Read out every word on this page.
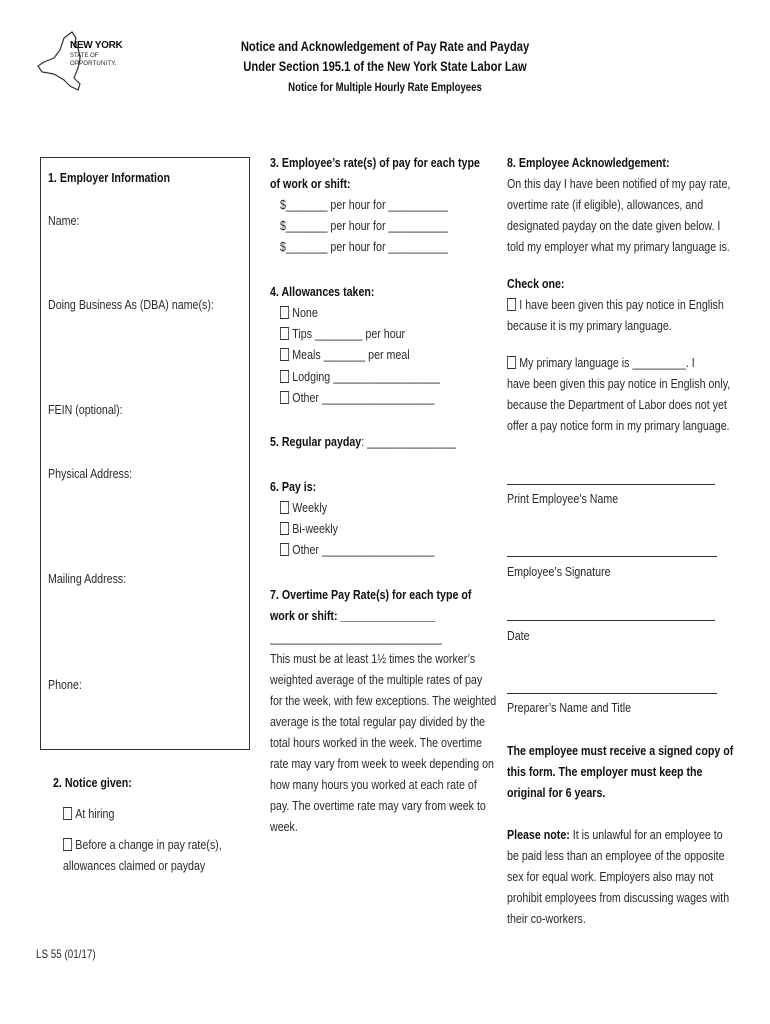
NEW YORK
STATE OF
OPPORTUNITY.
Notice and Acknowledgement of Pay Rate and Payday
Under Section 195.1 of the New York State Labor Law
Notice for Multiple Hourly Rate Employees
1. Employer Information
Name:
Doing Business As (DBA) name(s):
FEIN (optional):
Physical Address:
Mailing Address:
Phone:
2. Notice given:
At hiring
Before a change in pay rate(s),
allowances claimed or payday
3. Employee’s rate(s) of pay for each type
of work or shift:
$_______ per hour for __________
$_______ per hour for __________
$_______ per hour for __________
4. Allowances taken:
None
Tips ________ per hour
Meals _______ per meal
Lodging __________________
Other ___________________
5. Regular payday: _______________
6. Pay is:
Weekly
Bi-weekly
Other ___________________
7. Overtime Pay Rate(s) for each type of
work or shift: ________________
_____________________________
This must be at least 1½ times the worker’s
weighted average of the multiple rates of pay
for the week, with few exceptions. The weighted
average is the total regular pay divided by the
total hours worked in the week. The overtime
rate may vary from week to week depending on
how many hours you worked at each rate of
pay. The overtime rate may vary from week to
week.
8. Employee Acknowledgement:
On this day I have been notified of my pay rate,
overtime rate (if eligible), allowances, and
designated payday on the date given below. I
told my employer what my primary language is.
Check one:
I have been given this pay notice in English
because it is my primary language.
My primary language is _________. I
have been given this pay notice in English only,
because the Department of Labor does not yet
offer a pay notice form in my primary language.
Print Employee’s Name
Employee’s Signature
Date
Preparer’s Name and Title
The employee must receive a signed copy of
this form. The employer must keep the
original for 6 years.
Please note: It is unlawful for an employee to
be paid less than an employee of the opposite
sex for equal work. Employers also may not
prohibit employees from discussing wages with
their co-workers.
LS 55 (01/17)
